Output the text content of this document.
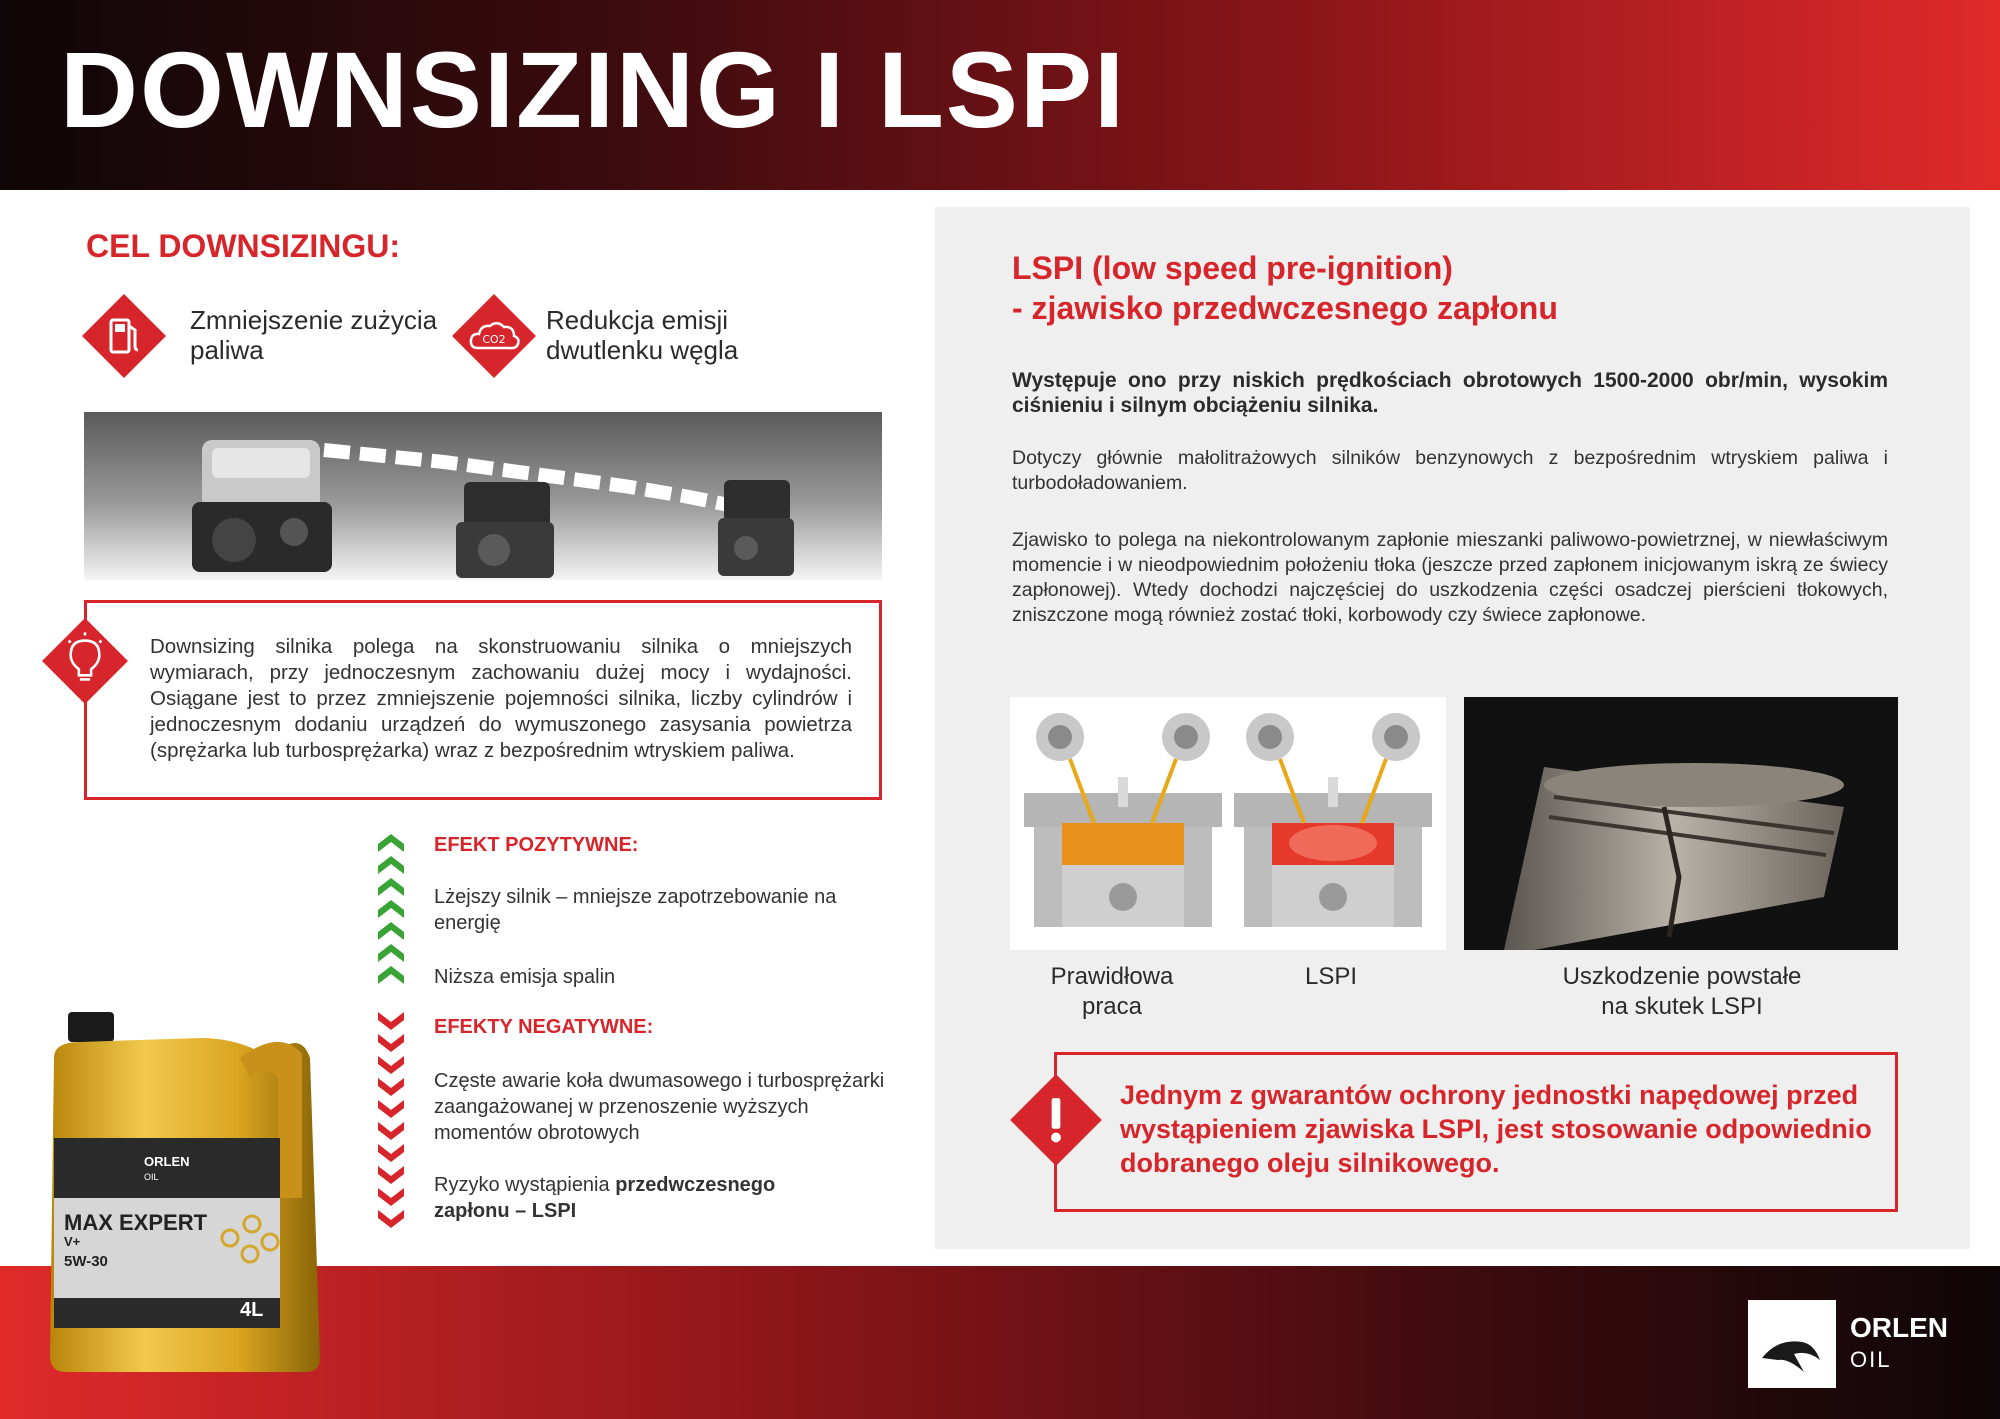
DOWNSIZING I LSPI
CEL DOWNSIZINGU:
Zmniejszenie zużycia
paliwa	CO2
Redukcja emisji
dwutlenku węgla
Downsizing silnika polega na skonstruowaniu silnika o mniejszych wymiarach, przy jednoczesnym zachowaniu dużej mocy i wydajności. Osiągane jest to przez zmniejszenie pojemności silnika, liczby cylindrów i jednoczesnym dodaniu urządzeń do wymuszonego zasysania powietrza (sprężarka lub turbosprężarka) wraz z bezpośrednim wtryskiem paliwa.
EFEKT POZYTYWNE:
Lżejszy silnik – mniejsze zapotrzebowanie na energię
Niższa emisja spalin
EFEKTY NEGATYWNE:
Częste awarie koła dwumasowego i turbosprężarki zaangażowanej w przenoszenie wyższych momentów obrotowych
Ryzyko wystąpienia przedwczesnego zapłonu – LSPI
LSPI (low speed pre-ignition)
- zjawisko przedwczesnego zapłonu
Występuje ono przy niskich prędkościach obrotowych 1500-2000 obr/min, wysokim ciśnieniu i silnym obciążeniu silnika.
Dotyczy głównie małolitrażowych silników benzynowych z bezpośrednim wtryskiem paliwa i turbodoładowaniem.
Zjawisko to polega na niekontrolowanym zapłonie mieszanki paliwowo-powietrznej, w niewłaściwym momencie i w nieodpowiednim położeniu tłoka (jeszcze przed zapłonem inicjowanym iskrą ze świecy zapłonowej). Wtedy dochodzi najczęściej do uszkodzenia części osadczej pierścieni tłokowych, zniszczone mogą również zostać tłoki, korbowody czy świece zapłonowe.
Prawidłowa
praca
LSPI	Uszkodzenie powstałe
na skutek LSPI
Jednym z gwarantów ochrony jednostki napędowej przed wystąpieniem zjawiska LSPI, jest stosowanie odpowiednio dobranego oleju silnikowego.
ORLEN
OIL
ORLEN
OIL
MAX EXPERT
V+
5W-30
4L
